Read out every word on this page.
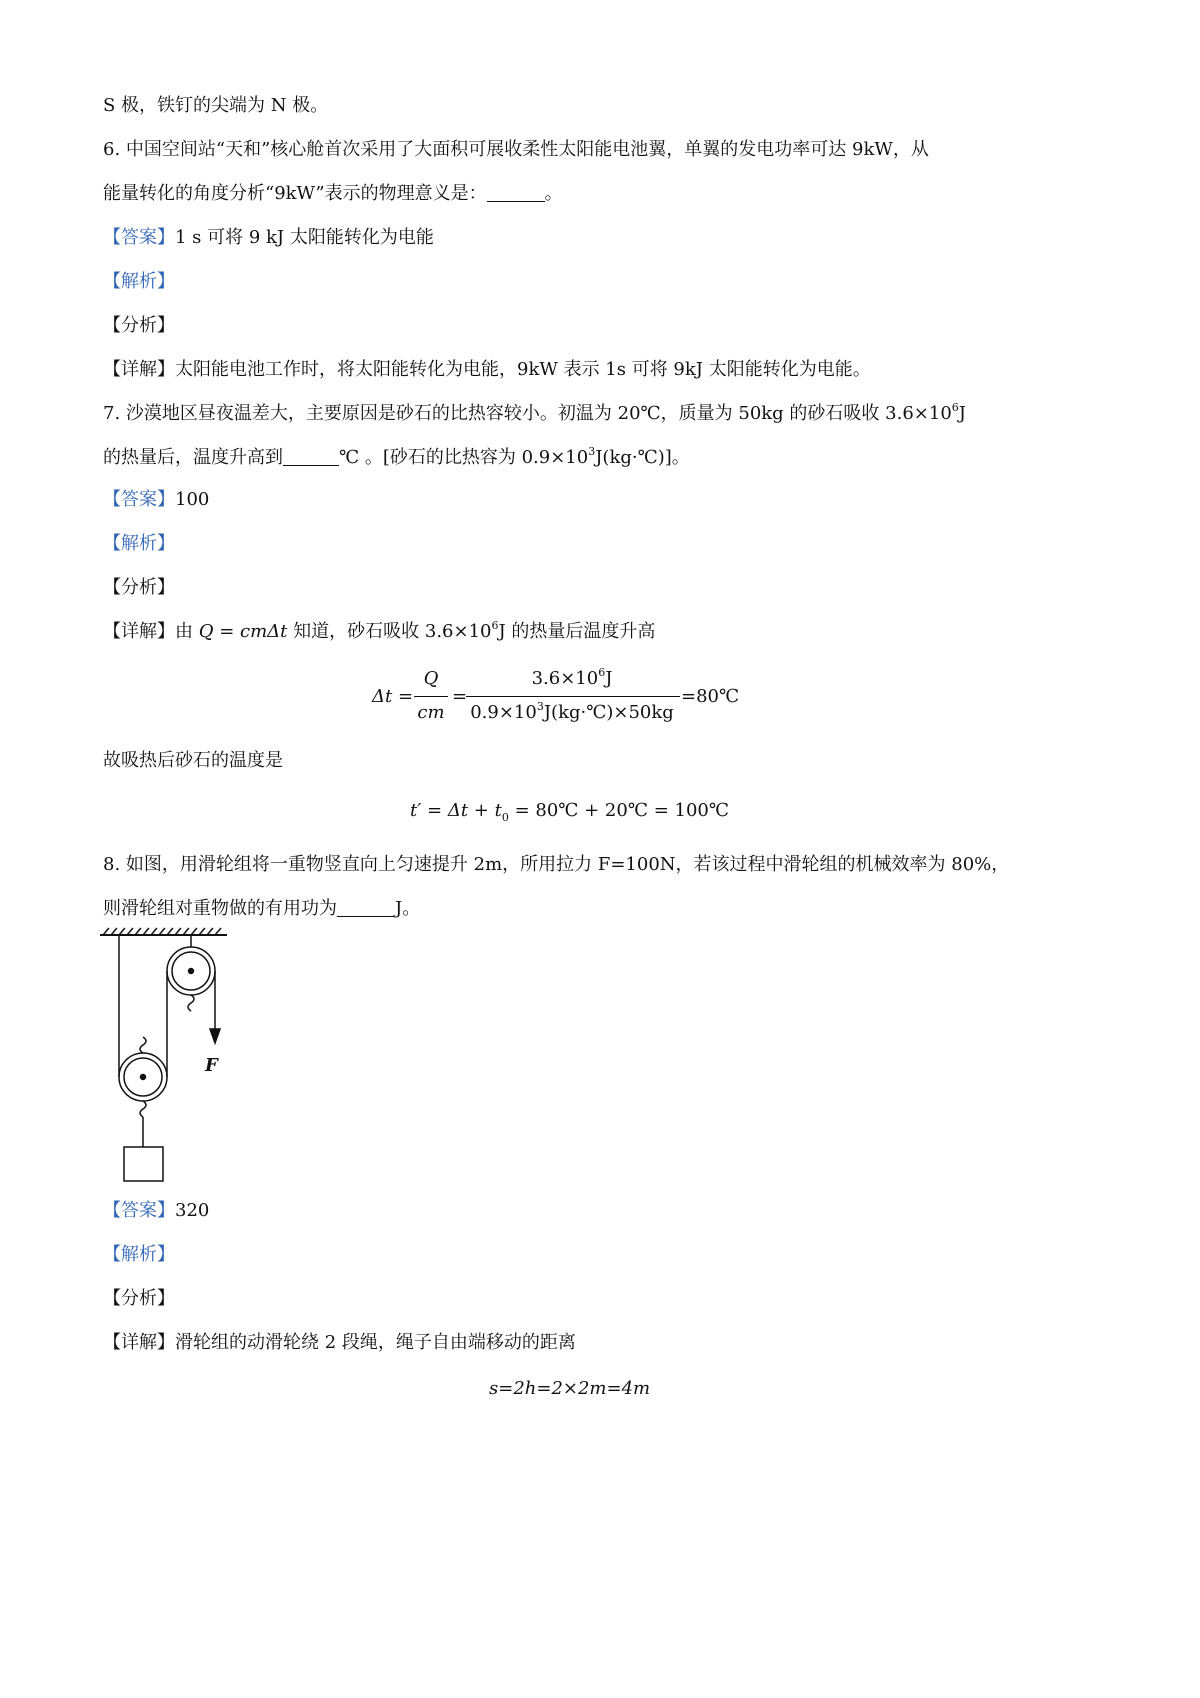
S 极，铁钉的尖端为 N 极。
6. 中国空间站“天和”核心舱首次采用了大面积可展收柔性太阳能电池翼，单翼的发电功率可达 9kW，从
能量转化的角度分析“9kW”表示的物理意义是：	。
【答案】1 s 可将 9 kJ 太阳能转化为电能
【解析】
【分析】
【详解】太阳能电池工作时，将太阳能转化为电能，9kW 表示 1s 可将 9kJ 太阳能转化为电能。
7. 沙漠地区昼夜温差大，主要原因是砂石的比热容较小。初温为 20℃，质量为 50kg 的砂石吸收 $3.6\times 10^6J$
的热量后，温度升高到	℃ 。[砂石的比热容为 $0.9\times 10^3J(kg\cdot℃)$]。
【答案】100
【解析】
【分析】
【详解】由 Q = cmΔt 知道，砂石吸收 $3.6\times 10^6J$ 的热量后温度升高
Δt =
Q
cm
=
$3.6\times 10^6J$
$0.9\times 10^3J(kg\cdot℃)\times 50kg$
=80℃
故吸热后砂石的温度是
$t' = \Delta t + t_0$ = 80℃ + 20℃ = 100℃
8. 如图，用滑轮组将一重物竖直向上匀速提升 2m，所用拉力 F=100N，若该过程中滑轮组的机械效率为 80%，
则滑轮组对重物做的有用功为	J。
F
【答案】320
【解析】
【分析】
【详解】滑轮组的动滑轮绕 2 段绳，绳子自由端移动的距离
s=2h=2×2m=4m
